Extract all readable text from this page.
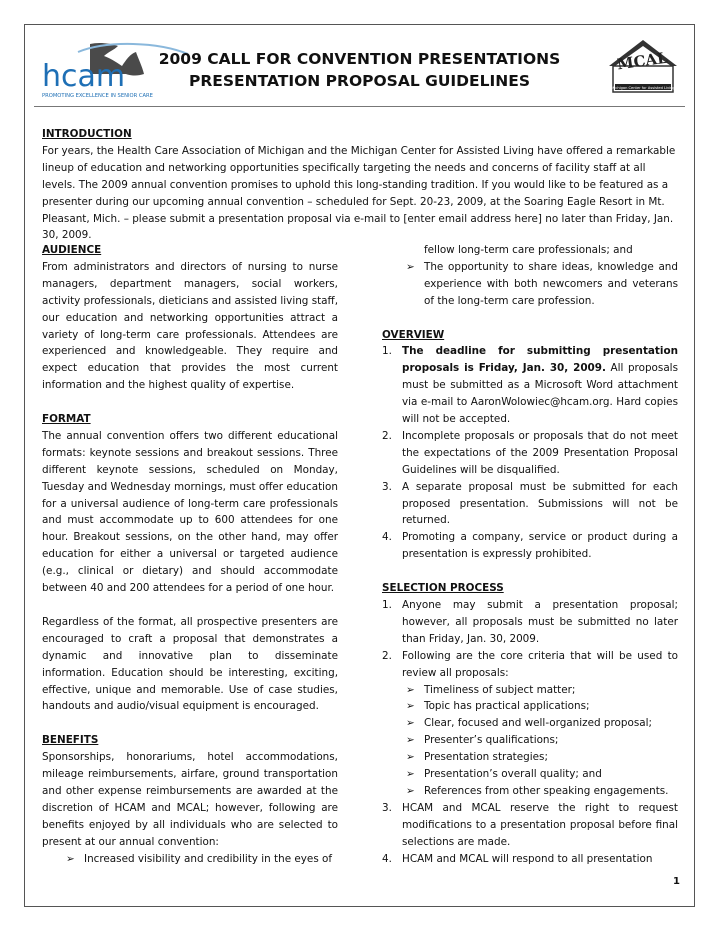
hcam
PROMOTING EXCELLENCE IN SENIOR CARE
2009 CALL FOR CONVENTION PRESENTATIONS
PRESENTATION PROPOSAL GUIDELINES
MCAL
Michigan Center for Assisted Living
INTRODUCTION

For years, the Health Care Association of Michigan and the Michigan Center for Assisted Living have offered a remarkable lineup of education and networking opportunities specifically targeting the needs and concerns of facility staff at all levels. The 2009 annual convention promises to uphold this long-standing tradition. If you would like to be featured as a presenter during our upcoming annual convention – scheduled for Sept. 20-23, 2009, at the Soaring Eagle Resort in Mt. Pleasant, Mich. – please submit a presentation proposal via e-mail to [enter email address here] no later than Friday, Jan. 30, 2009.

AUDIENCE

From administrators and directors of nursing to nurse managers, department managers, social workers, activity professionals, dieticians and assisted living staff, our education and networking opportunities attract a variety of long-term care professionals. Attendees are experienced and knowledgeable. They require and expect education that provides the most current information and the highest quality of expertise.

FORMAT

The annual convention offers two different educational formats: keynote sessions and breakout sessions. Three different keynote sessions, scheduled on Monday, Tuesday and Wednesday mornings, must offer education for a universal audience of long-term care professionals and must accommodate up to 600 attendees for one hour. Breakout sessions, on the other hand, may offer education for either a universal or targeted audience (e.g., clinical or dietary) and should accommodate between 40 and 200 attendees for a period of one hour.

Regardless of the format, all prospective presenters are encouraged to craft a proposal that demonstrates a dynamic and innovative plan to disseminate information. Education should be interesting, exciting, effective, unique and memorable. Use of case studies, handouts and audio/visual equipment is encouraged.

BENEFITS

Sponsorships, honorariums, hotel accommodations, mileage reimbursements, airfare, ground transportation and other expense reimbursements are awarded at the discretion of HCAM and MCAL; however, following are benefits enjoyed by all individuals who are selected to present at our annual convention:

➢ Increased visibility and credibility in the eyes of
fellow long-term care professionals; and
➢ The opportunity to share ideas, knowledge and experience with both newcomers and veterans of the long-term care profession.
OVERVIEW
1. The deadline for submitting presentation proposals is Friday, Jan. 30, 2009. All proposals must be submitted as a Microsoft Word attachment via e-mail to AaronWolowiec@hcam.org. Hard copies will not be accepted.
2. Incomplete proposals or proposals that do not meet the expectations of the 2009 Presentation Proposal Guidelines will be disqualified.
3. A separate proposal must be submitted for each proposed presentation. Submissions will not be returned.
4. Promoting a company, service or product during a presentation is expressly prohibited.
SELECTION PROCESS
1. Anyone may submit a presentation proposal; however, all proposals must be submitted no later than Friday, Jan. 30, 2009.
2. Following are the core criteria that will be used to review all proposals:
➢ Timeliness of subject matter;
➢ Topic has practical applications;
➢ Clear, focused and well-organized proposal;
➢ Presenter’s qualifications;
➢ Presentation strategies;
➢ Presentation’s overall quality; and
➢ References from other speaking engagements.
3. HCAM and MCAL reserve the right to request modifications to a presentation proposal before final selections are made.
4. HCAM and MCAL will respond to all presentation
1
